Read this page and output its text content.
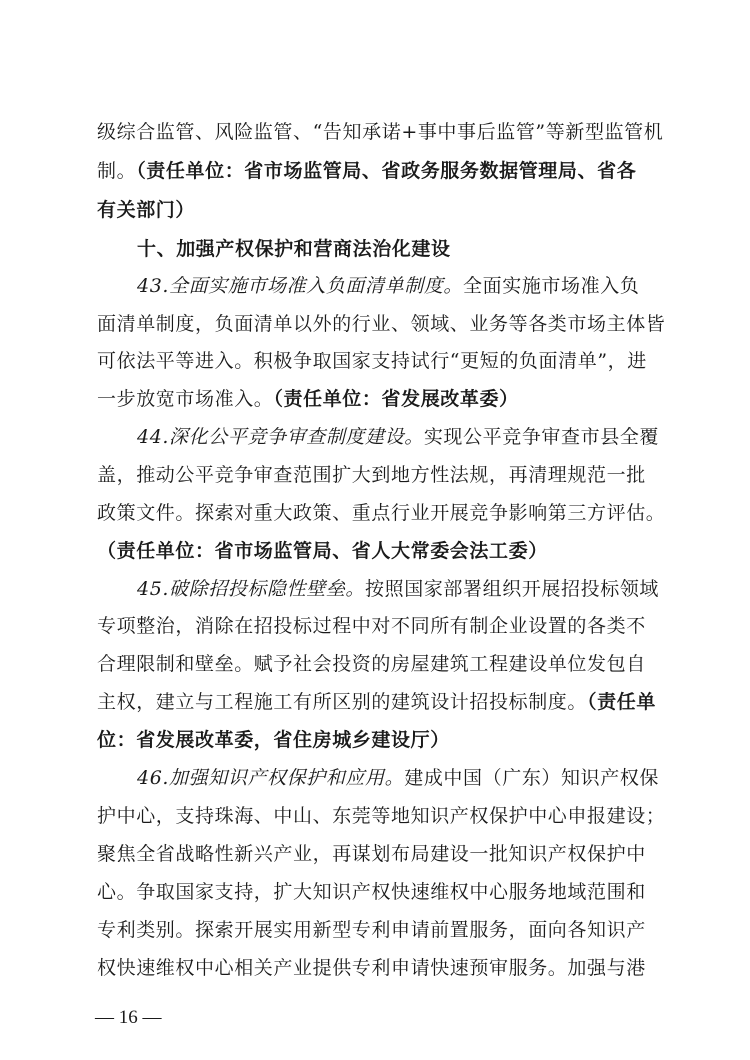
级综合监管、风险监管、“告知承诺+事中事后监管”等新型监管机
制。（责任单位：省市场监管局、省政务服务数据管理局、省各
有关部门）
十、加强产权保护和营商法治化建设
43.全面实施市场准入负面清单制度。全面实施市场准入负
面清单制度，负面清单以外的行业、领域、业务等各类市场主体皆
可依法平等进入。积极争取国家支持试行“更短的负面清单”，进
一步放宽市场准入。（责任单位：省发展改革委）
44.深化公平竞争审查制度建设。实现公平竞争审查市县全覆
盖，推动公平竞争审查范围扩大到地方性法规，再清理规范一批
政策文件。探索对重大政策、重点行业开展竞争影响第三方评估。
（责任单位：省市场监管局、省人大常委会法工委）
45.破除招投标隐性壁垒。按照国家部署组织开展招投标领域
专项整治，消除在招投标过程中对不同所有制企业设置的各类不
合理限制和壁垒。赋予社会投资的房屋建筑工程建设单位发包自
主权，建立与工程施工有所区别的建筑设计招投标制度。（责任单
位：省发展改革委，省住房城乡建设厅）
46.加强知识产权保护和应用。建成中国（广东）知识产权保
护中心，支持珠海、中山、东莞等地知识产权保护中心申报建设；
聚焦全省战略性新兴产业，再谋划布局建设一批知识产权保护中
心。争取国家支持，扩大知识产权快速维权中心服务地域范围和
专利类别。探索开展实用新型专利申请前置服务，面向各知识产
权快速维权中心相关产业提供专利申请快速预审服务。加强与港
— 16 —
